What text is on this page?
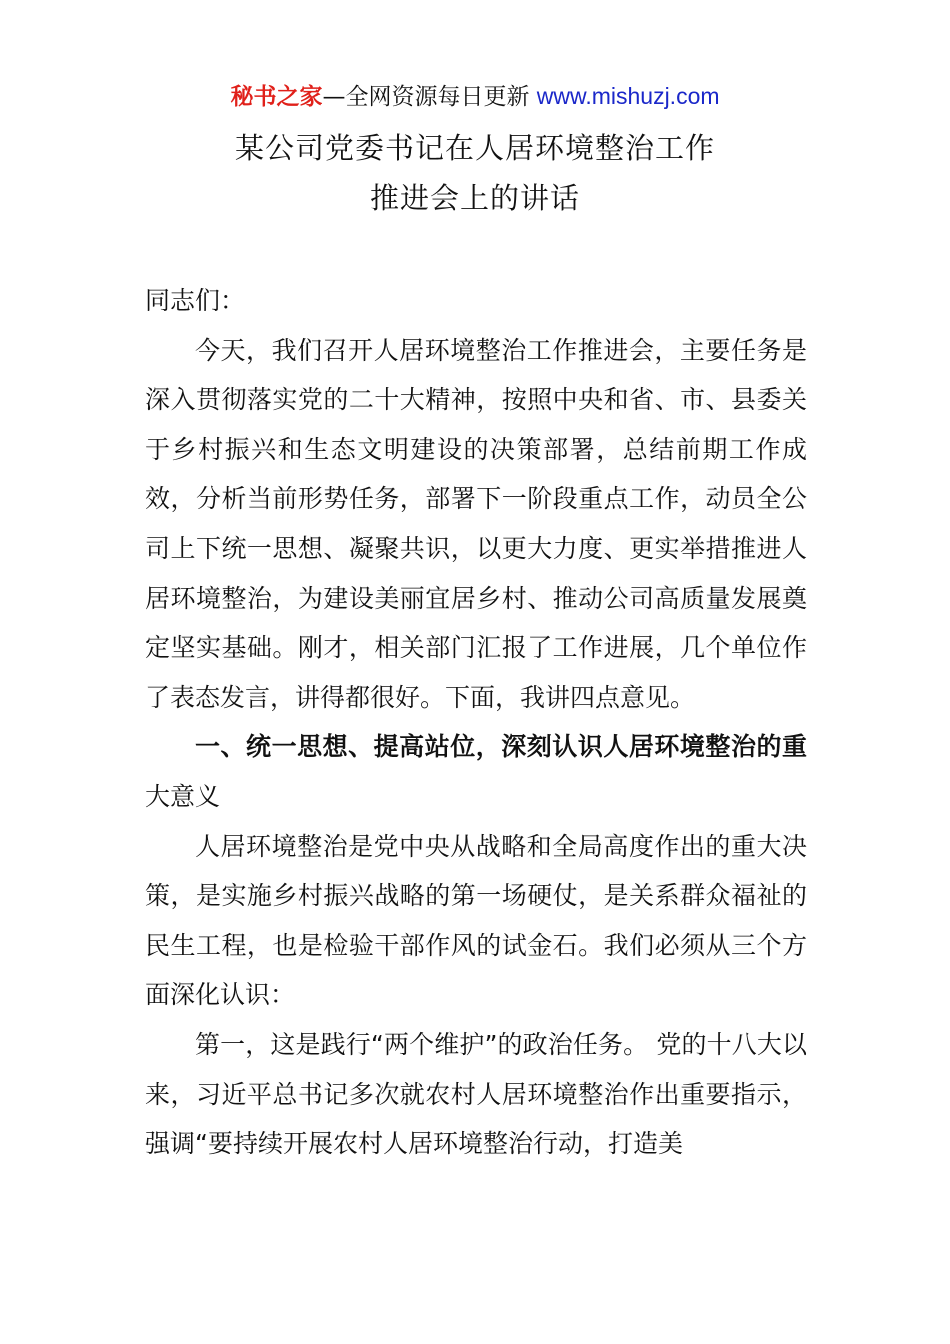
秘书之家—全网资源每日更新 www.mishuzj.com
某公司党委书记在人居环境整治工作
推进会上的讲话

同志们：

今天，我们召开人居环境整治工作推进会，主要任务是深入贯彻落实党的二十大精神，按照中央和省、市、县委关于乡村振兴和生态文明建设的决策部署，总结前期工作成效，分析当前形势任务，部署下一阶段重点工作，动员全公司上下统一思想、凝聚共识，以更大力度、更实举措推进人居环境整治，为建设美丽宜居乡村、推动公司高质量发展奠定坚实基础。刚才，相关部门汇报了工作进展，几个单位作了表态发言，讲得都很好。下面，我讲四点意见。

一、统一思想、提高站位，深刻认识人居环境整治的重大意义

人居环境整治是党中央从战略和全局高度作出的重大决策，是实施乡村振兴战略的第一场硬仗，是关系群众福祉的民生工程，也是检验干部作风的试金石。我们必须从三个方面深化认识：

第一，这是践行“两个维护”的政治任务。 党的十八大以来，习近平总书记多次就农村人居环境整治作出重要指示，强调“要持续开展农村人居环境整治行动，打造美
